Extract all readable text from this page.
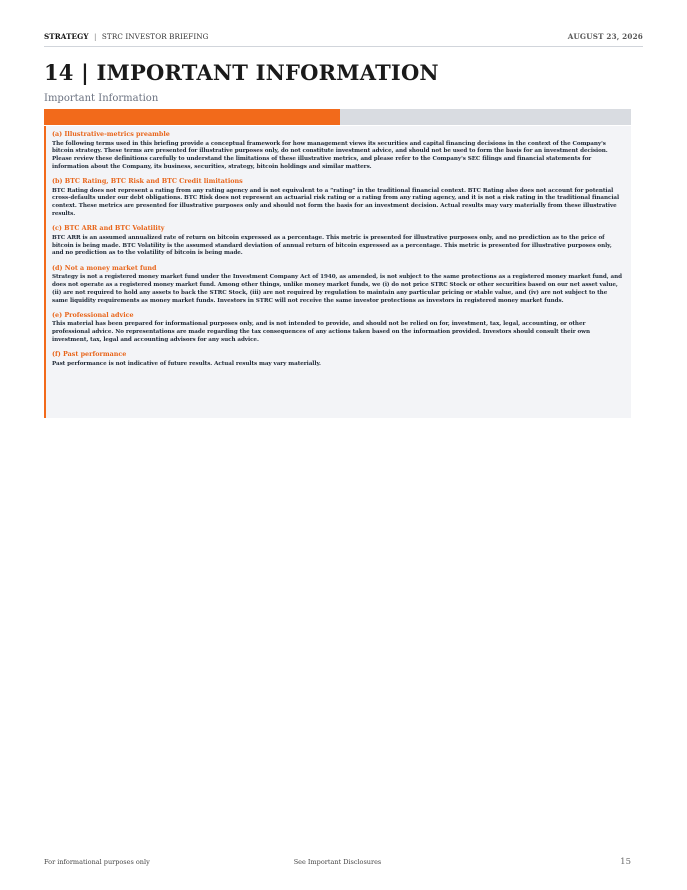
STRATEGY | STRC INVESTOR BRIEFING	AUGUST 23, 2026
14 | IMPORTANT INFORMATION
Important Information
(a) Illustrative-metrics preamble

The following terms used in this briefing provide a conceptual framework for how management views its securities and capital financing decisions in the context of the Company's bitcoin strategy. These terms are presented for illustrative purposes only, do not constitute investment advice, and should not be used to form the basis for an investment decision. Please review these definitions carefully to understand the limitations of these illustrative metrics, and please refer to the Company's SEC filings and financial statements for information about the Company, its business, securities, strategy, bitcoin holdings and similar matters.

(b) BTC Rating, BTC Risk and BTC Credit limitations

BTC Rating does not represent a rating from any rating agency and is not equivalent to a “rating” in the traditional financial context. BTC Rating also does not account for potential cross-defaults under our debt obligations. BTC Risk does not represent an actuarial risk rating or a rating from any rating agency, and it is not a risk rating in the traditional financial context. These metrics are presented for illustrative purposes only and should not form the basis for an investment decision. Actual results may vary materially from these illustrative results.

(c) BTC ARR and BTC Volatility

BTC ARR is an assumed annualized rate of return on bitcoin expressed as a percentage. This metric is presented for illustrative purposes only, and no prediction as to the price of bitcoin is being made. BTC Volatility is the assumed standard deviation of annual return of bitcoin expressed as a percentage. This metric is presented for illustrative purposes only, and no prediction as to the volatility of bitcoin is being made.

(d) Not a money market fund

Strategy is not a registered money market fund under the Investment Company Act of 1940, as amended, is not subject to the same protections as a registered money market fund, and does not operate as a registered money market fund. Among other things, unlike money market funds, we (i) do not price STRC Stock or other securities based on our net asset value, (ii) are not required to hold any assets to back the STRC Stock, (iii) are not required by regulation to maintain any particular pricing or stable value, and (iv) are not subject to the same liquidity requirements as money market funds. Investors in STRC will not receive the same investor protections as investors in registered money market funds.

(e) Professional advice

This material has been prepared for informational purposes only, and is not intended to provide, and should not be relied on for, investment, tax, legal, accounting, or other professional advice. No representations are made regarding the tax consequences of any actions taken based on the information provided. Investors should consult their own investment, tax, legal and accounting advisors for any such advice.

(f) Past performance

Past performance is not indicative of future results. Actual results may vary materially.

For informational purposes only	See Important Disclosures	15
